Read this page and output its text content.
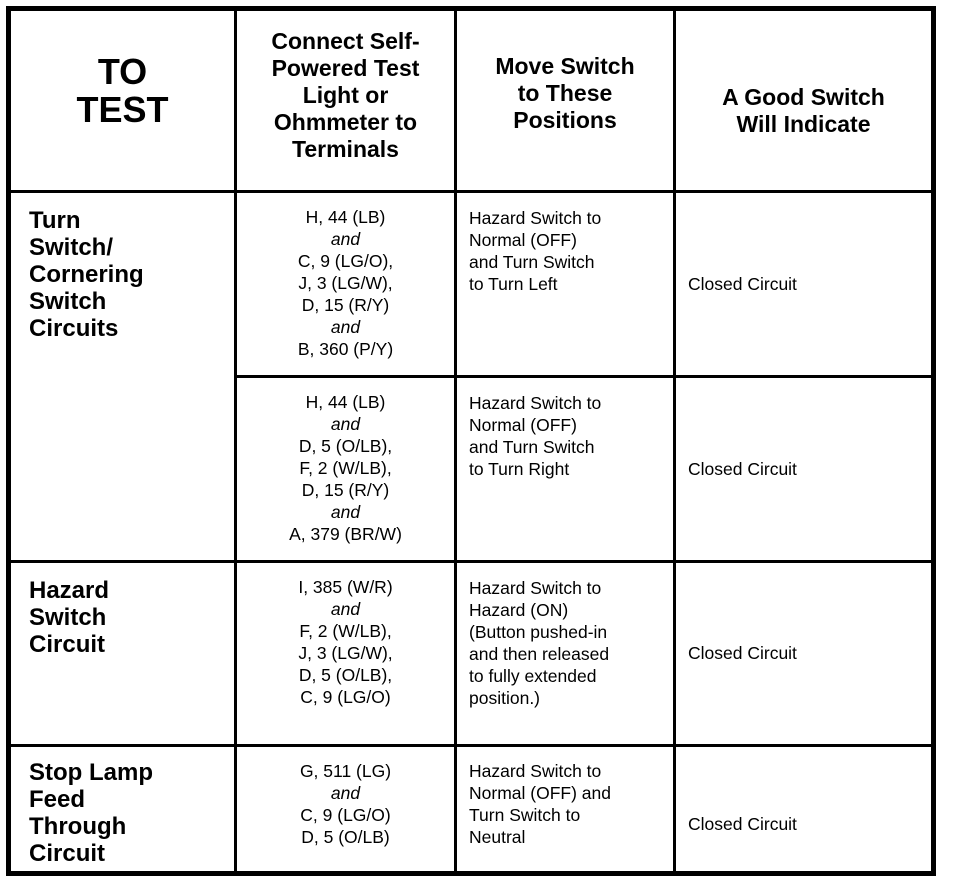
TO
TEST
Connect Self-
Powered Test
Light or
Ohmmeter to
Terminals
Move Switch
to These
Positions
A Good Switch
Will Indicate
Turn
Switch/
Cornering
Switch
Circuits
H, 44 (LB)
and
C, 9 (LG/O),
J, 3 (LG/W),
D, 15 (R/Y)
and
B, 360 (P/Y)
Hazard Switch to
Normal (OFF)
and Turn Switch
to Turn Left	Closed Circuit
H, 44 (LB)
and
D, 5 (O/LB),
F, 2 (W/LB),
D, 15 (R/Y)
and
A, 379 (BR/W)
Hazard Switch to
Normal (OFF)
and Turn Switch
to Turn Right	Closed Circuit
Hazard
Switch
Circuit
I, 385 (W/R)
and
F, 2 (W/LB),
J, 3 (LG/W),
D, 5 (O/LB),
C, 9 (LG/O)
Hazard Switch to
Hazard (ON)
(Button pushed-in
and then released
to fully extended
position.)
Closed Circuit
Stop Lamp
Feed
Through
Circuit
G, 511 (LG)
and
C, 9 (LG/O)
D, 5 (O/LB)
Hazard Switch to
Normal (OFF) and
Turn Switch to
Neutral
Closed Circuit
